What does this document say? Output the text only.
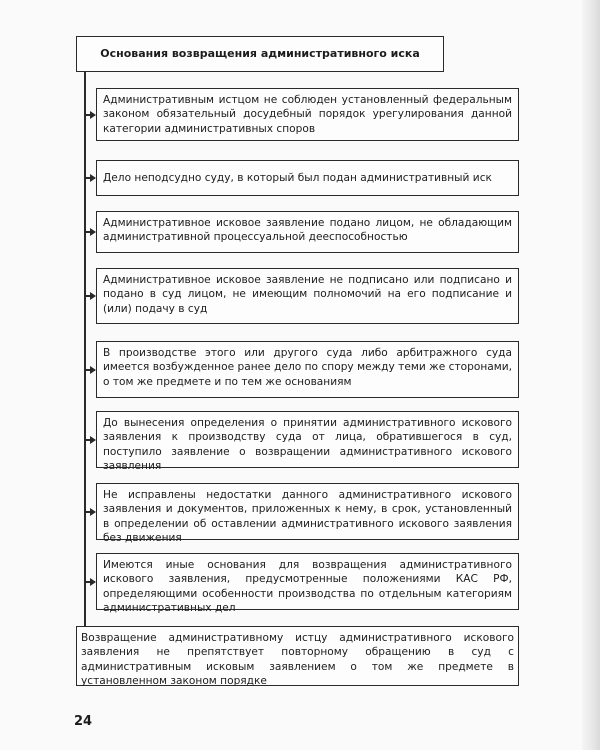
Основания возвращения административного иска
Административным истцом не соблюден установленный федеральным законом обязательный досудебный порядок урегулирования данной категории административных споров
Дело неподсудно суду, в который был подан административный иск
Административное исковое заявление подано лицом, не обладающим административной процессуальной дееспособностью
Административное исковое заявление не подписано или подписано и подано в суд лицом, не имеющим полномочий на его подписание и (или) подачу в суд
В производстве этого или другого суда либо арбитражного суда имеется возбужденное ранее дело по спору между теми же сторонами, о том же предмете и по тем же основаниям
До вынесения определения о принятии административного искового заявления к производству суда от лица, обратившегося в суд, поступило заявление о возвращении административного искового заявления
Не исправлены недостатки данного административного искового заявления и документов, приложенных к нему, в срок, установленный в определении об оставлении административного искового заявления без движения
Имеются иные основания для возвращения административного искового заявления, предусмотренные положениями КАС РФ, определяющими особенности производства по отдельным категориям административных дел
Возвращение административному истцу административного искового заявления не препятствует повторному обращению в суд с административным исковым заявлением о том же предмете в установленном законом порядке
24
